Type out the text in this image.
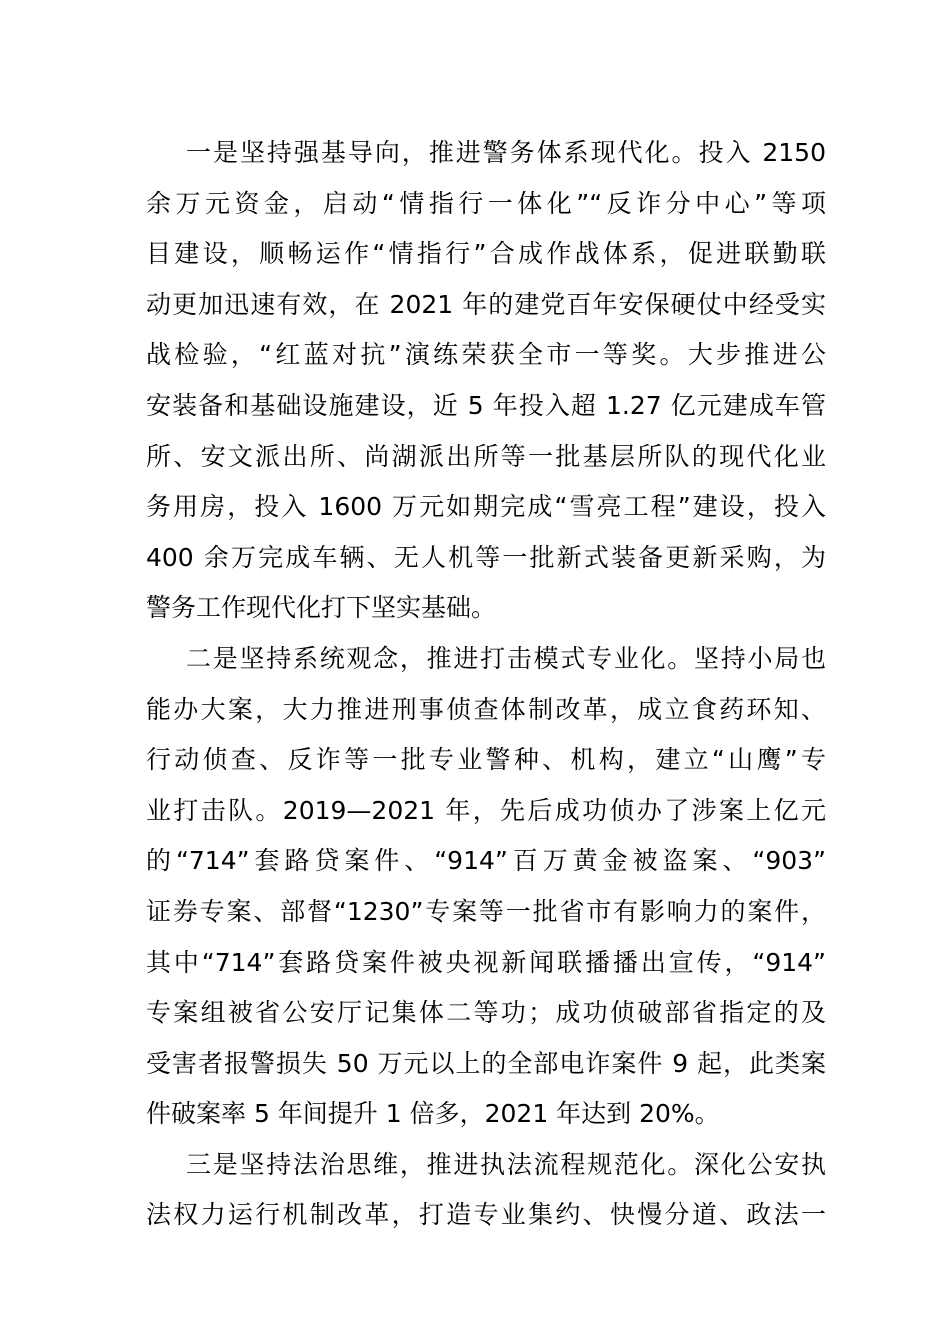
一是坚持强基导向，推进警务体系现代化。投入 2150
余万元资金，启动“情指行一体化”“反诈分中心”等项
目建设，顺畅运作“情指行”合成作战体系，促进联勤联
动更加迅速有效，在 2021 年的建党百年安保硬仗中经受实
战检验，“红蓝对抗”演练荣获全市一等奖。大步推进公
安装备和基础设施建设，近 5 年投入超 1.27 亿元建成车管
所、安文派出所、尚湖派出所等一批基层所队的现代化业
务用房，投入 1600 万元如期完成“雪亮工程”建设，投入
400 余万完成车辆、无人机等一批新式装备更新采购，为
警务工作现代化打下坚实基础。
二是坚持系统观念，推进打击模式专业化。坚持小局也
能办大案，大力推进刑事侦查体制改革，成立食药环知、
行动侦查、反诈等一批专业警种、机构，建立“山鹰”专
业打击队。2019—2021 年，先后成功侦办了涉案上亿元
的“714”套路贷案件、“914”百万黄金被盗案、“903”
证券专案、部督“1230”专案等一批省市有影响力的案件，
其中“714”套路贷案件被央视新闻联播播出宣传，“914”
专案组被省公安厅记集体二等功；成功侦破部省指定的及
受害者报警损失 50 万元以上的全部电诈案件 9 起，此类案
件破案率 5 年间提升 1 倍多，2021 年达到 20%。
三是坚持法治思维，推进执法流程规范化。深化公安执
法权力运行机制改革，打造专业集约、快慢分道、政法一
